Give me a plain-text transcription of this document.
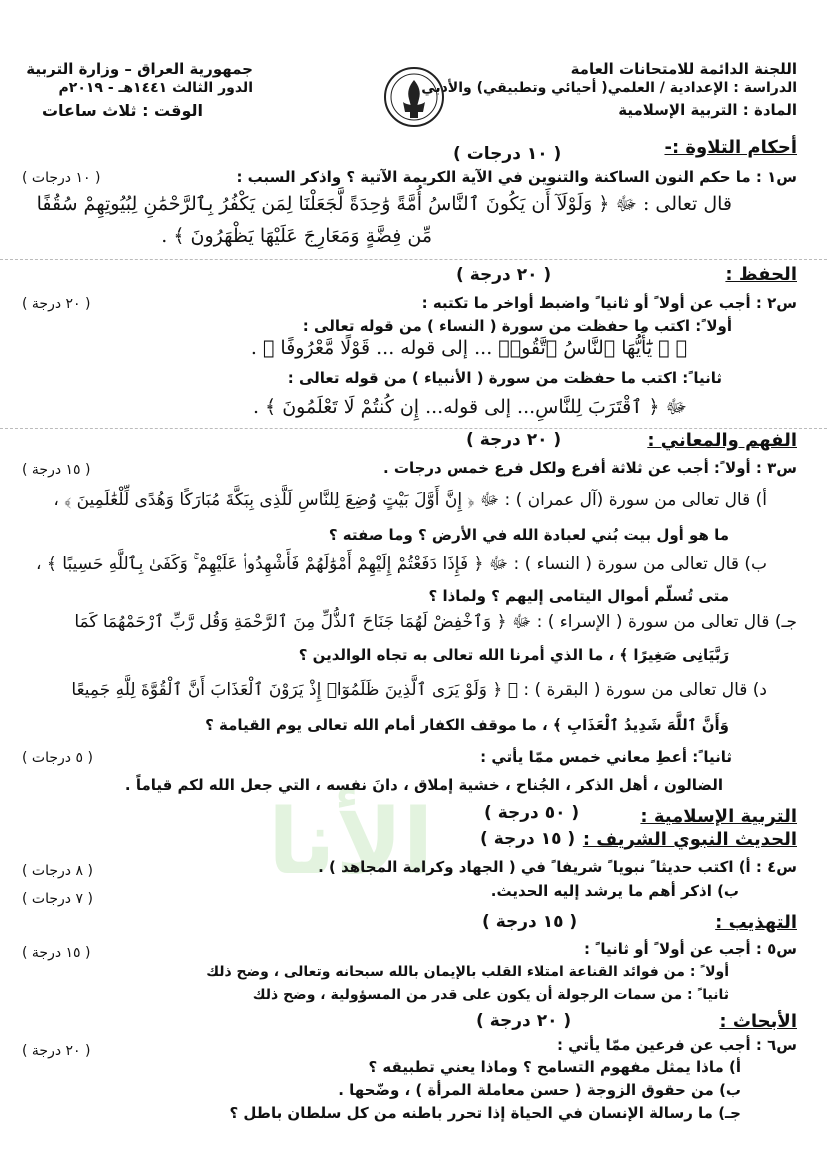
اللجنة الدائمة للامتحانات العامة
الدراسة : الإعدادية / العلمي( أحيائي وتطبيقي) والأدبي
المادة : التربية الإسلامية
جمهورية العراق – وزارة التربية
الدور الثالث ١٤٤١هـ - ٢٠١٩م
الوقت : ثلاث ساعات
الأنا
أحكام التلاوة :-
( ١٠ درجات )
س١ : ما حكم النون الساكنة والتنوين في الآية الكريمة الآتية ؟ واذكر السبب :
( ١٠ درجات )
قال تعالى : ﷻ ﴿ وَلَوْلَآ أَن يَكُونَ ٱلنَّاسُ أُمَّةً وَٰحِدَةً لَّجَعَلْنَا لِمَن يَكْفُرُ بِٱلرَّحْمَٰنِ لِبُيُوتِهِمْ سُقُفًا
مِّن فِضَّةٍ وَمَعَارِجَ عَلَيْهَا يَظْهَرُونَ ﴾ .
الحفظ :
( ٢٠ درجة )
س٢ : أجب عن أولا ً أو ثانيا ً واضبط أواخر ما تكتبه :
( ٢٠ درجة )
أولا ً: اكتب ما حفظت من سورة ( النساء ) من قوله تعالى :
ﷻ ﴿ يَٰٓأَيُّهَا ٱلنَّاسُ ٱتَّقُوا۟ ... إلى قوله ... قَوْلًا مَّعْرُوفًا ﴾ .
ثانيا ً: اكتب ما حفظت من سورة ( الأنبياء ) من قوله تعالى :
ﷻ ﴿ ٱقْتَرَبَ لِلنَّاسِ... إلى قوله... إِن كُنتُمْ لَا تَعْلَمُونَ ﴾ .
الفهم والمعاني :
( ٢٠ درجة )
س٣ : أولا ً: أجب عن ثلاثة أفرع ولكل فرع خمس درجات .
( ١٥ درجة )
أ) قال تعالى من سورة (آل عمران ) : ﷻ ﴿ إِنَّ أَوَّلَ بَيْتٍ وُضِعَ لِلنَّاسِ لَلَّذِى بِبَكَّةَ مُبَارَكًا وَهُدًى لِّلْعَٰلَمِينَ ﴾ ،
ما هو أول بيت بُني لعبادة الله في الأرض ؟ وما صفته ؟
ب) قال تعالى من سورة ( النساء ) : ﷻ ﴿ فَإِذَا دَفَعْتُمْ إِلَيْهِمْ أَمْوَٰلَهُمْ فَأَشْهِدُوا۟ عَلَيْهِمْ ۚ وَكَفَىٰ بِٱللَّهِ حَسِيبًا ﴾ ،
متى تُسلّم أموال اليتامى إليهم ؟ ولماذا ؟
جـ) قال تعالى من سورة ( الإسراء ) : ﷻ ﴿ وَٱخْفِضْ لَهُمَا جَنَاحَ ٱلذُّلِّ مِنَ ٱلرَّحْمَةِ وَقُل رَّبِّ ٱرْحَمْهُمَا كَمَا
رَبَّيَانِى صَغِيرًا ﴾ ، ما الذي أمرنا الله تعالى به تجاه الوالدين ؟
د) قال تعالى من سورة ( البقرة ) : ﷻ ﴿ وَلَوْ يَرَى ٱلَّذِينَ ظَلَمُوٓا۟ إِذْ يَرَوْنَ ٱلْعَذَابَ أَنَّ ٱلْقُوَّةَ لِلَّهِ جَمِيعًا
وَأَنَّ ٱللَّهَ شَدِيدُ ٱلْعَذَابِ ﴾ ، ما موقف الكفار أمام الله تعالى يوم القيامة ؟
ثانيا ً: أعطِ معاني خمس ممّا يأتي :
( ٥ درجات )
الضالون ، أهل الذكر ، الجُناح ، خشية إملاق ، دانَ نفسه ، التي جعل الله لكم قياماً .
التربية الإسلامية :
( ٥٠ درجة )
الحديث النبوي الشريف :
( ١٥ درجة )
س٤ : أ) اكتب حديثا ً نبويا ً شريفا ً في ( الجهاد وكرامة المجاهد ) .
( ٨ درجات )
ب) اذكر أهم ما يرشد إليه الحديث.
( ٧ درجات )
التهذيب :
( ١٥ درجة )
س٥ : أجب عن أولا ً أو ثانيا ً :
( ١٥ درجة )
أولا ً : من فوائد القناعة امتلاء القلب بالإيمان بالله سبحانه وتعالى ، وضح ذلك
ثانيا ً : من سمات الرجولة أن يكون على قدر من المسؤولية ، وضح ذلك
الأبحاث :
( ٢٠ درجة )
س٦ : أجب عن فرعين ممّا يأتي :
( ٢٠ درجة )
أ) ماذا يمثل مفهوم التسامح ؟ وماذا يعني تطبيقه ؟
ب) من حقوق الزوجة ( حسن معاملة المرأة ) ، وضّحها .
جـ) ما رسالة الإنسان في الحياة إذا تحرر باطنه من كل سلطان باطل ؟
